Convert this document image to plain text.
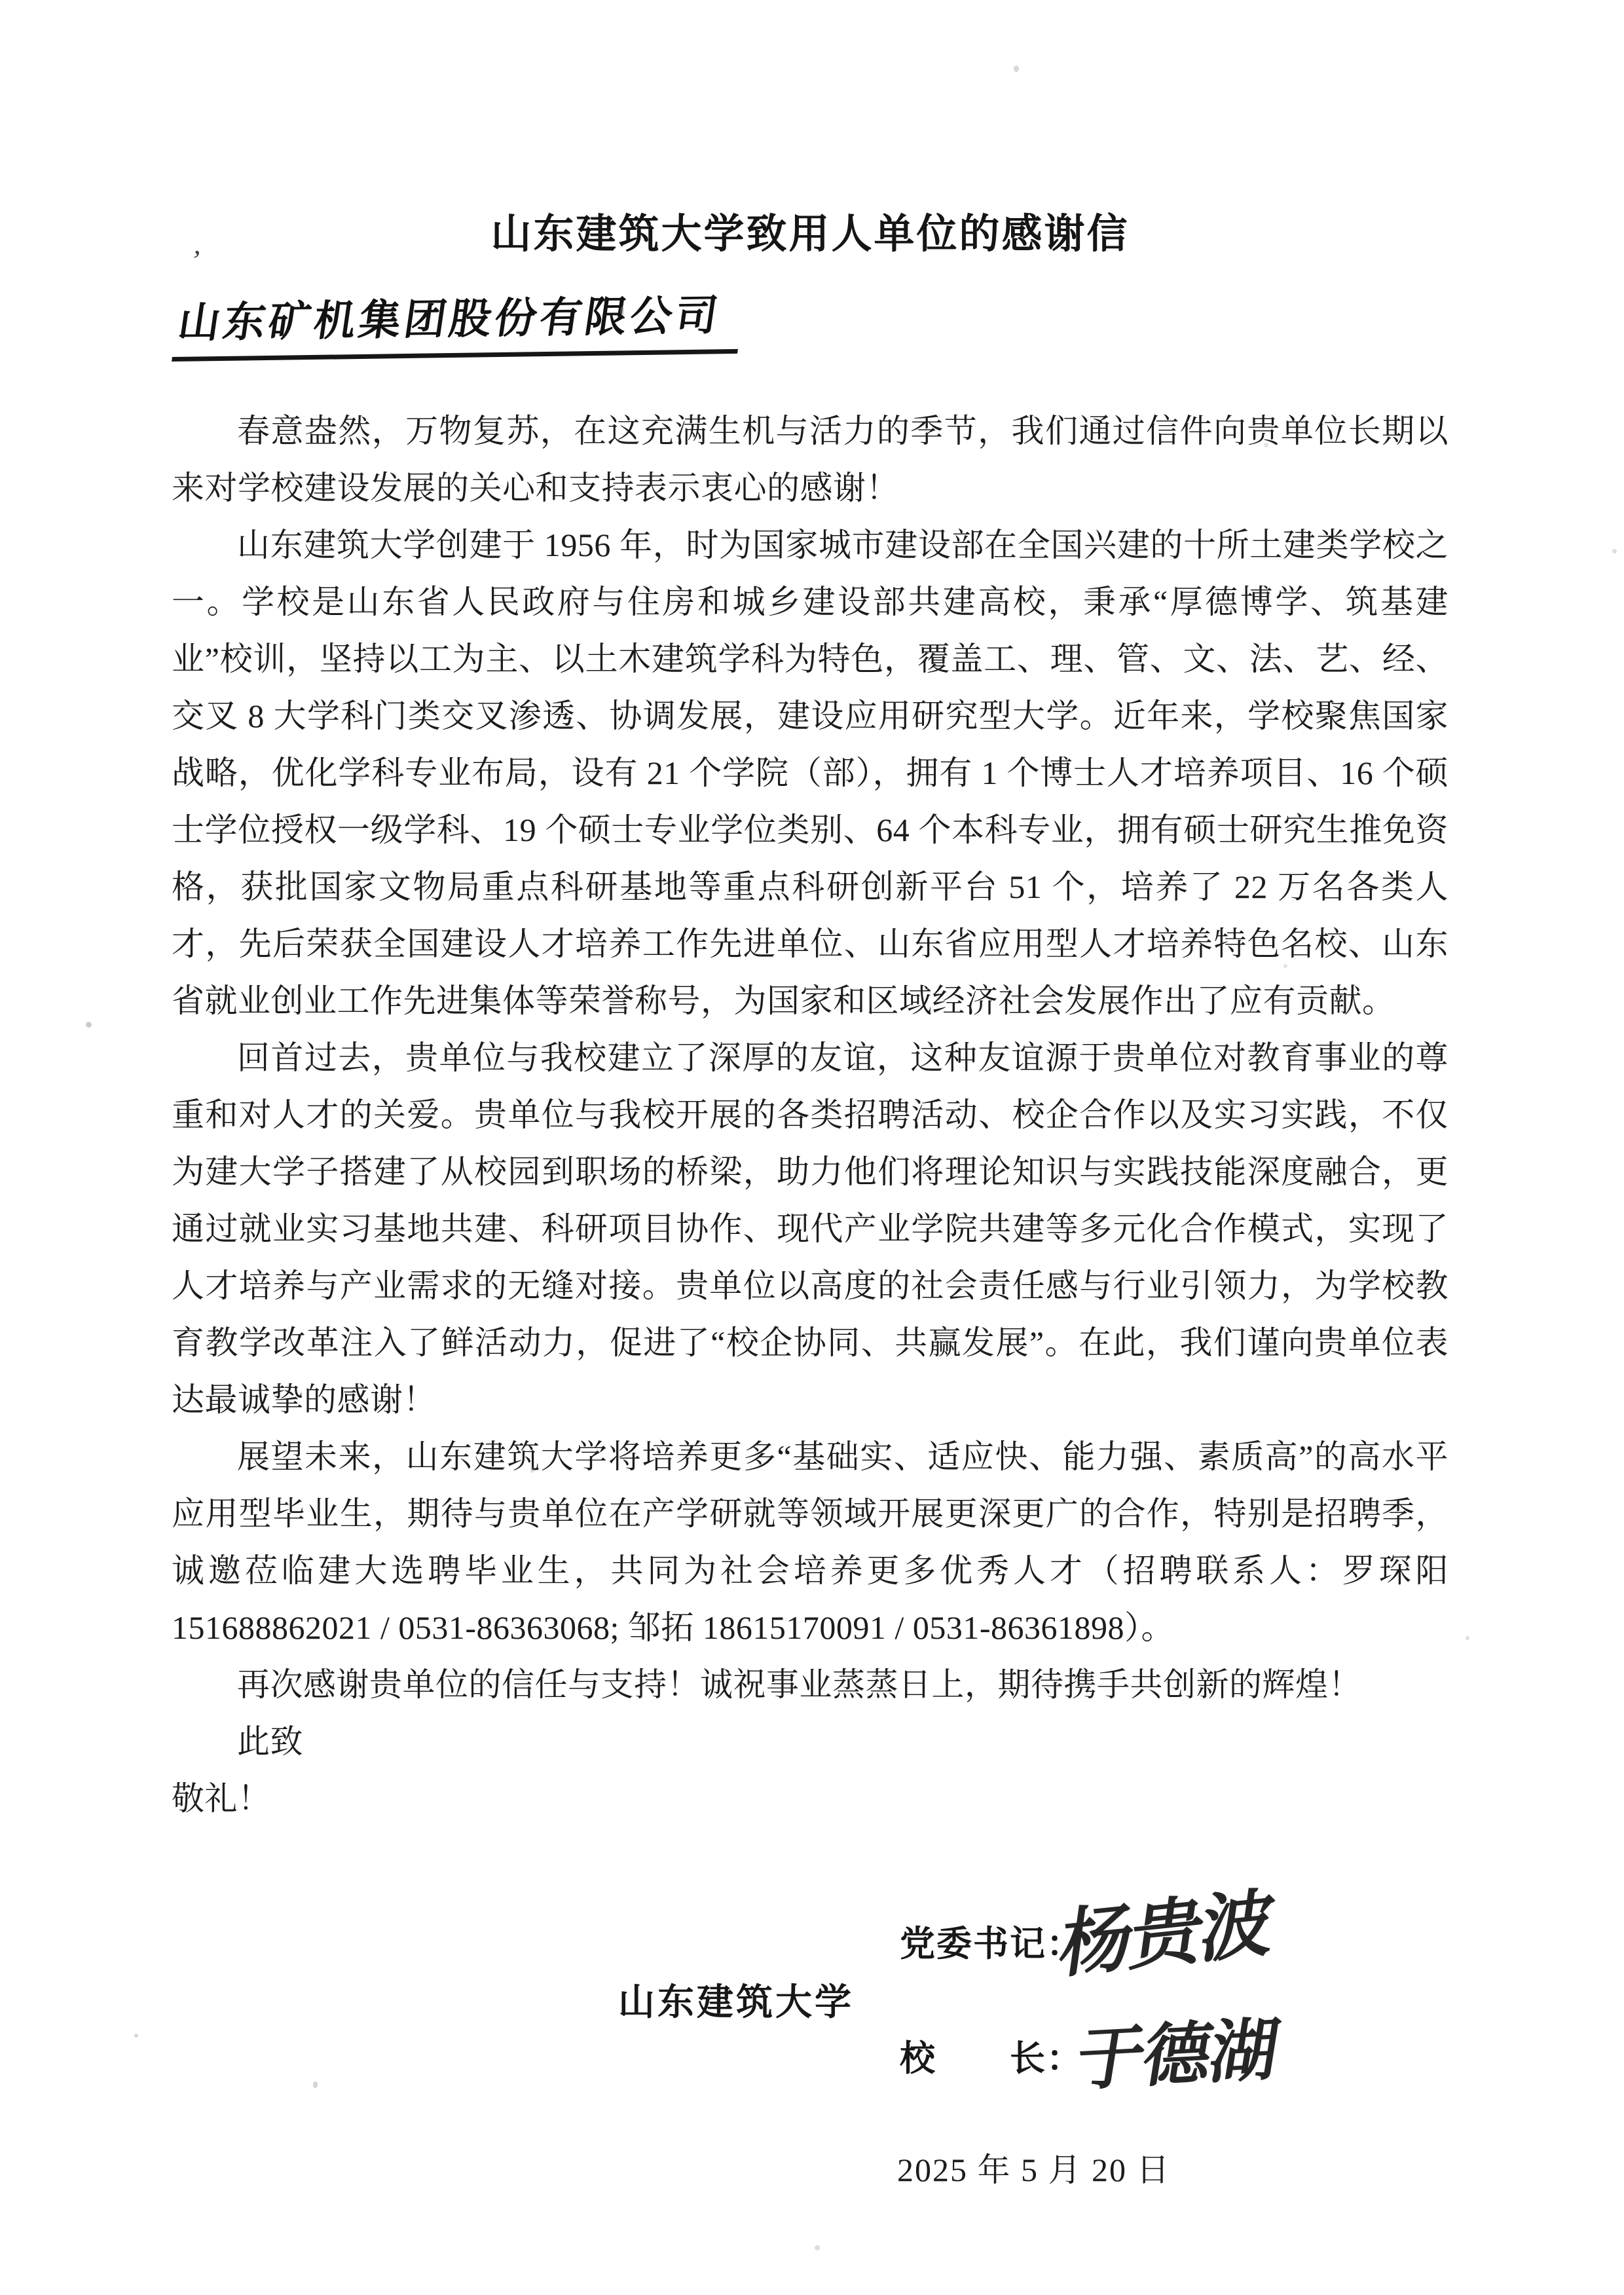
’
山东建筑大学致用人单位的感谢信
山东矿机集团股份有限公司

春意盎然，万物复苏，在这充满生机与活力的季节，我们通过信件向贵单位长期以来对学校建设发展的关心和支持表示衷心的感谢！

山东建筑大学创建于 1956 年，时为国家城市建设部在全国兴建的十所土建类学校之一。学校是山东省人民政府与住房和城乡建设部共建高校，秉承“厚德博学、筑基建业”校训，坚持以工为主、以土木建筑学科为特色，覆盖工、理、管、文、法、艺、经、交叉 8 大学科门类交叉渗透、协调发展，建设应用研究型大学。近年来，学校聚焦国家战略，优化学科专业布局，设有 21 个学院（部），拥有 1 个博士人才培养项目、16 个硕士学位授权一级学科、19 个硕士专业学位类别、64 个本科专业，拥有硕士研究生推免资格，获批国家文物局重点科研基地等重点科研创新平台 51 个，培养了 22 万名各类人才，先后荣获全国建设人才培养工作先进单位、山东省应用型人才培养特色名校、山东省就业创业工作先进集体等荣誉称号，为国家和区域经济社会发展作出了应有贡献。

回首过去，贵单位与我校建立了深厚的友谊，这种友谊源于贵单位对教育事业的尊重和对人才的关爱。贵单位与我校开展的各类招聘活动、校企合作以及实习实践，不仅为建大学子搭建了从校园到职场的桥梁，助力他们将理论知识与实践技能深度融合，更通过就业实习基地共建、科研项目协作、现代产业学院共建等多元化合作模式，实现了人才培养与产业需求的无缝对接。贵单位以高度的社会责任感与行业引领力，为学校教育教学改革注入了鲜活动力，促进了“校企协同、共赢发展”。在此，我们谨向贵单位表达最诚挚的感谢！

展望未来，山东建筑大学将培养更多“基础实、适应快、能力强、素质高”的高水平应用型毕业生，期待与贵单位在产学研就等领域开展更深更广的合作，特别是招聘季，诚邀莅临建大选聘毕业生，共同为社会培养更多优秀人才（招聘联系人：罗琛阳 151688862021 / 0531-86363068; 邹拓 18615170091 / 0531-86361898）。

再次感谢贵单位的信任与支持！诚祝事业蒸蒸日上，期待携手共创新的辉煌！

此致

敬礼！

山东建筑大学
党委书记：
杨贵波
校　　长：
于德湖
2025 年 5 月 20 日
